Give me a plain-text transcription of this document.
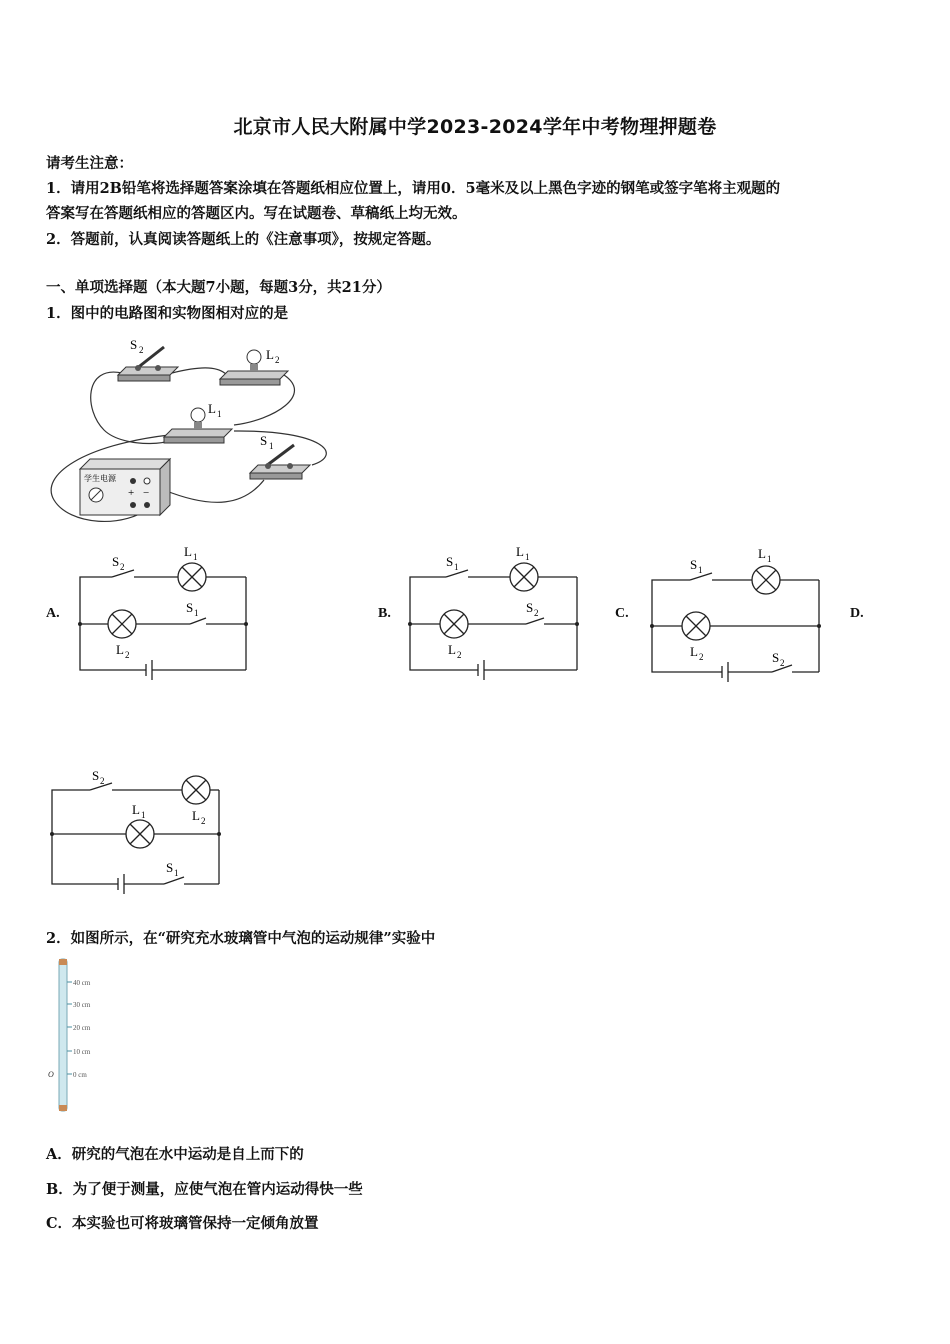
北京市人民大附属中学2023-2024学年中考物理押题卷
请考生注意：
1．请用2B铅笔将选择题答案涂填在答题纸相应位置上，请用0．5毫米及以上黑色字迹的钢笔或签字笔将主观题的
答案写在答题纸相应的答题区内。写在试题卷、草稿纸上均无效。
2．答题前，认真阅读答题纸上的《注意事项》，按规定答题。
一、单项选择题（本大题7小题，每题3分，共21分）
1．图中的电路图和实物图相对应的是
S 2	L 2
L 1
S 1
学生电源
+ −
A.
S 2
L 1
S 1
L 2
B.
S 1
L 1
S 2
L 2
C.
S 1
L 1
S 2
L 2
D.
S 2
L 2
L 1
S 1
2．如图所示，在“研究充水玻璃管中气泡的运动规律”实验中
40 cm
30 cm
20 cm
10 cm
0 cm
O
A．研究的气泡在水中运动是自上而下的
B．为了便于测量，应使气泡在管内运动得快一些
C．本实验也可将玻璃管保持一定倾角放置
